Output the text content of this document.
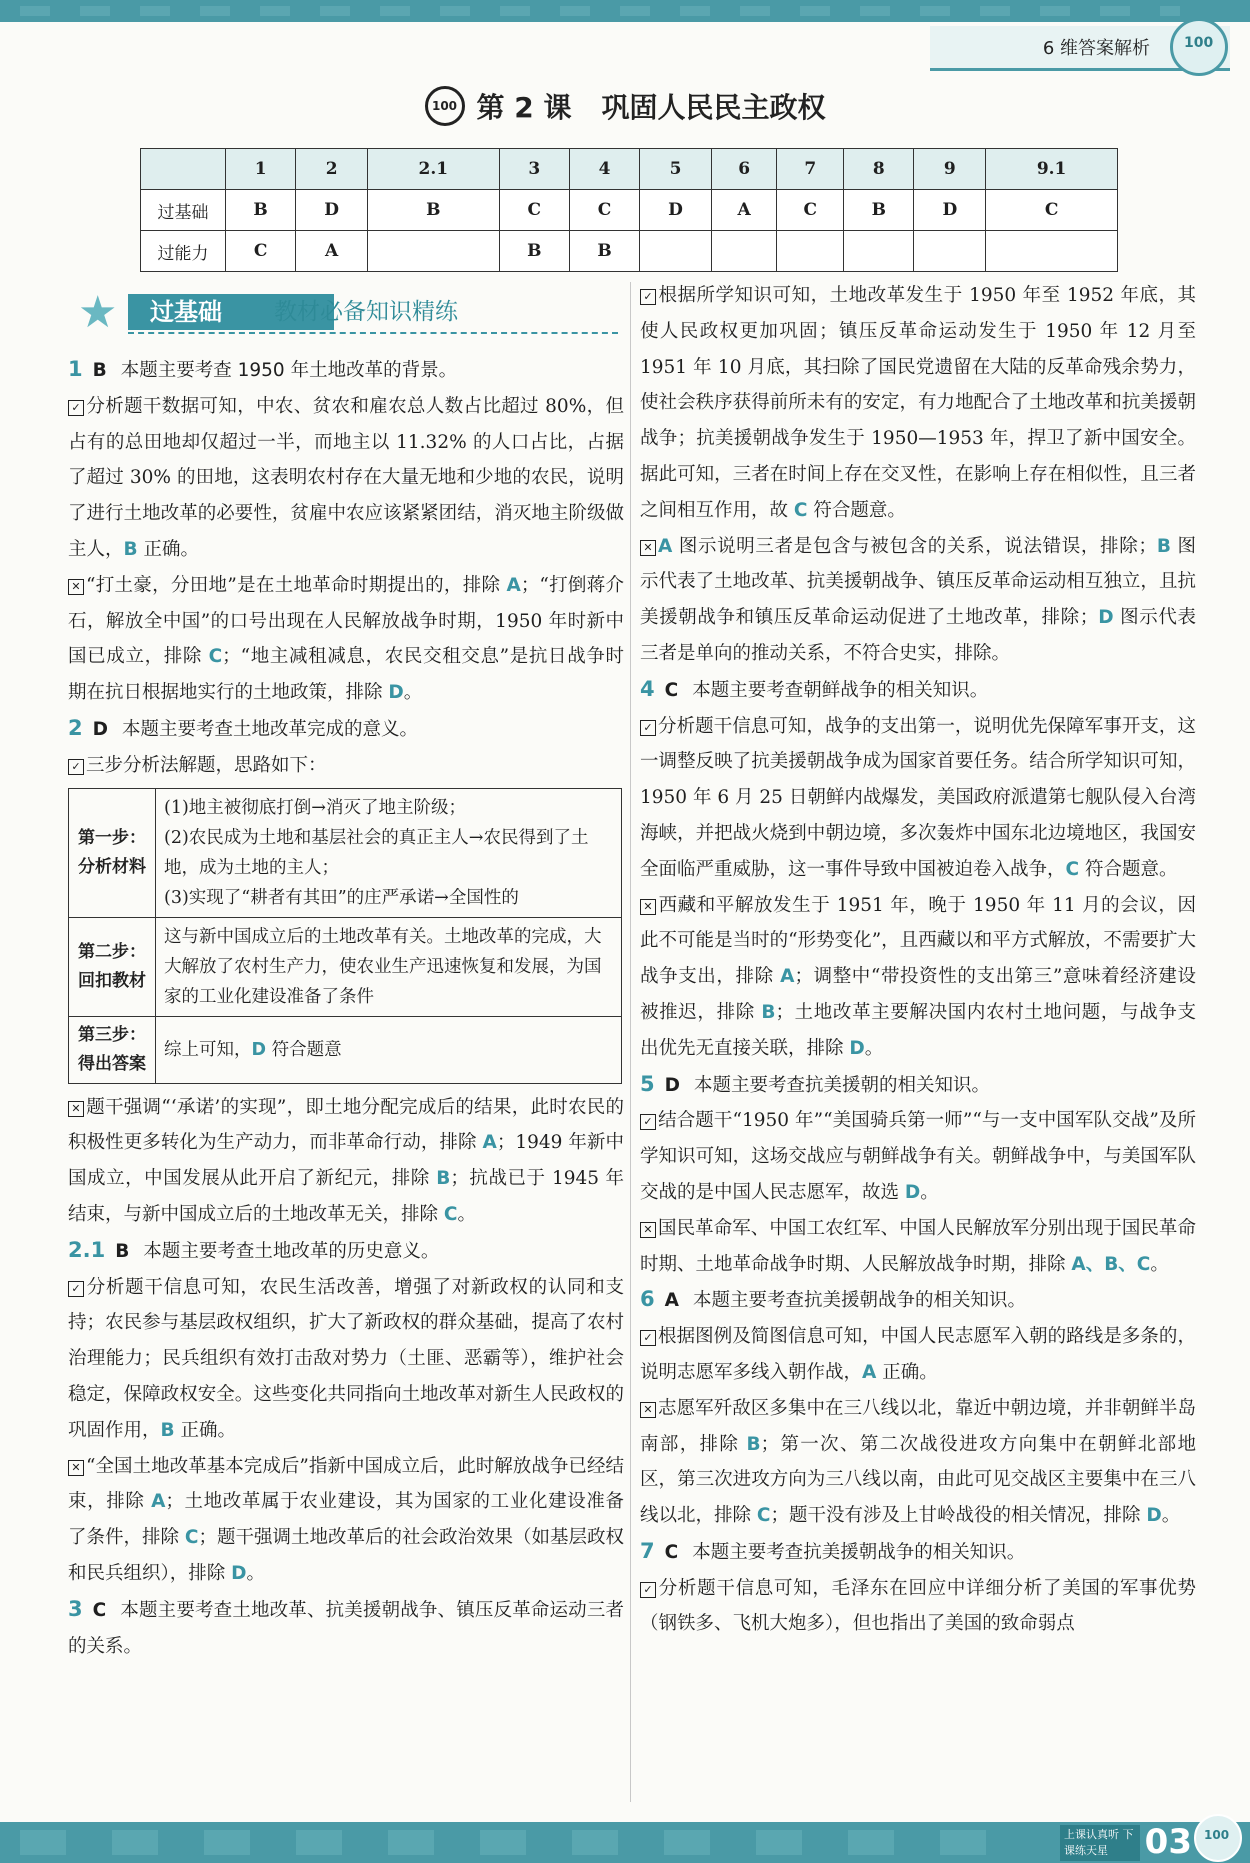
6 维答案解析 100
100 第 2 课 巩固人民民主政权
	1	2	2.1	3	4	5	6	7	8	9	9.1
过基础	B	D	B	C	C	D	A	C	B	D	C
过能力	C	A		B	B						
★	过基础	教材必备知识精练

1 B 本题主要考查 1950 年土地改革的背景。

✓ 分析题干数据可知，中农、贫农和雇农总人数占比超过 80%，但占有的总田地却仅超过一半，而地主以 11.32% 的人口占比，占据了超过 30% 的田地，这表明农村存在大量无地和少地的农民，说明了进行土地改革的必要性，贫雇中农应该紧紧团结，消灭地主阶级做主人，B 正确。

✕ “打土豪，分田地”是在土地革命时期提出的，排除 A；“打倒蒋介石，解放全中国”的口号出现在人民解放战争时期，1950 年时新中国已成立，排除 C；“地主减租减息，农民交租交息”是抗日战争时期在抗日根据地实行的土地政策，排除 D。

2 D 本题主要考查土地改革完成的意义。

✓ 三步分析法解题，思路如下：

第一步：分析材料	(1)地主被彻底打倒→消灭了地主阶级；
(2)农民成为土地和基层社会的真正主人→农民得到了土地，成为土地的主人；
(3)实现了“耕者有其田”的庄严承诺→全国性的

第二步：回扣教材	这与新中国成立后的土地改革有关。土地改革的完成，大大解放了农村生产力，使农业生产迅速恢复和发展，为国家的工业化建设准备了条件
第三步：得出答案	综上可知，D 符合题意

✕ 题干强调“‘承诺’的实现”，即土地分配完成后的结果，此时农民的积极性更多转化为生产动力，而非革命行动，排除 A；1949 年新中国成立，中国发展从此开启了新纪元，排除 B；抗战已于 1945 年结束，与新中国成立后的土地改革无关，排除 C。

2.1 B 本题主要考查土地改革的历史意义。

✓ 分析题干信息可知，农民生活改善，增强了对新政权的认同和支持；农民参与基层政权组织，扩大了新政权的群众基础，提高了农村治理能力；民兵组织有效打击敌对势力（土匪、恶霸等），维护社会稳定，保障政权安全。这些变化共同指向土地改革对新生人民政权的巩固作用，B 正确。

✕ “全国土地改革基本完成后”指新中国成立后，此时解放战争已经结束，排除 A；土地改革属于农业建设，其为国家的工业化建设准备了条件，排除 C；题干强调土地改革后的社会政治效果（如基层政权和民兵组织），排除 D。

3 C 本题主要考查土地改革、抗美援朝战争、镇压反革命运动三者的关系。

✓ 根据所学知识可知，土地改革发生于 1950 年至 1952 年底，其使人民政权更加巩固；镇压反革命运动发生于 1950 年 12 月至 1951 年 10 月底，其扫除了国民党遗留在大陆的反革命残余势力，使社会秩序获得前所未有的安定，有力地配合了土地改革和抗美援朝战争；抗美援朝战争发生于 1950—1953 年，捍卫了新中国安全。据此可知，三者在时间上存在交叉性，在影响上存在相似性，且三者之间相互作用，故 C 符合题意。

✕ A 图示说明三者是包含与被包含的关系，说法错误，排除；B 图示代表了土地改革、抗美援朝战争、镇压反革命运动相互独立，且抗美援朝战争和镇压反革命运动促进了土地改革，排除；D 图示代表三者是单向的推动关系，不符合史实，排除。

4 C 本题主要考查朝鲜战争的相关知识。

✓ 分析题干信息可知，战争的支出第一，说明优先保障军事开支，这一调整反映了抗美援朝战争成为国家首要任务。结合所学知识可知，1950 年 6 月 25 日朝鲜内战爆发，美国政府派遣第七舰队侵入台湾海峡，并把战火烧到中朝边境，多次轰炸中国东北边境地区，我国安全面临严重威胁，这一事件导致中国被迫卷入战争，C 符合题意。

✕ 西藏和平解放发生于 1951 年，晚于 1950 年 11 月的会议，因此不可能是当时的“形势变化”，且西藏以和平方式解放，不需要扩大战争支出，排除 A；调整中“带投资性的支出第三”意味着经济建设被推迟，排除 B；土地改革主要解决国内农村土地问题，与战争支出优先无直接关联，排除 D。

5 D 本题主要考查抗美援朝的相关知识。

✓ 结合题干“1950 年”“美国骑兵第一师”“与一支中国军队交战”及所学知识可知，这场交战应与朝鲜战争有关。朝鲜战争中，与美国军队交战的是中国人民志愿军，故选 D。

✕ 国民革命军、中国工农红军、中国人民解放军分别出现于国民革命时期、土地革命战争时期、人民解放战争时期，排除 A、B、C。

6 A 本题主要考查抗美援朝战争的相关知识。

✓ 根据图例及简图信息可知，中国人民志愿军入朝的路线是多条的，说明志愿军多线入朝作战，A 正确。

✕ 志愿军歼敌区多集中在三八线以北，靠近中朝边境，并非朝鲜半岛南部，排除 B；第一次、第二次战役进攻方向集中在朝鲜北部地区，第三次进攻方向为三八线以南，由此可见交战区主要集中在三八线以北，排除 C；题干没有涉及上甘岭战役的相关情况，排除 D。

7 C 本题主要考查抗美援朝战争的相关知识。

✓ 分析题干信息可知，毛泽东在回应中详细分析了美国的军事优势（钢铁多、飞机大炮多），但也指出了美国的致命弱点

上课认真听 下课练天星	03 100
